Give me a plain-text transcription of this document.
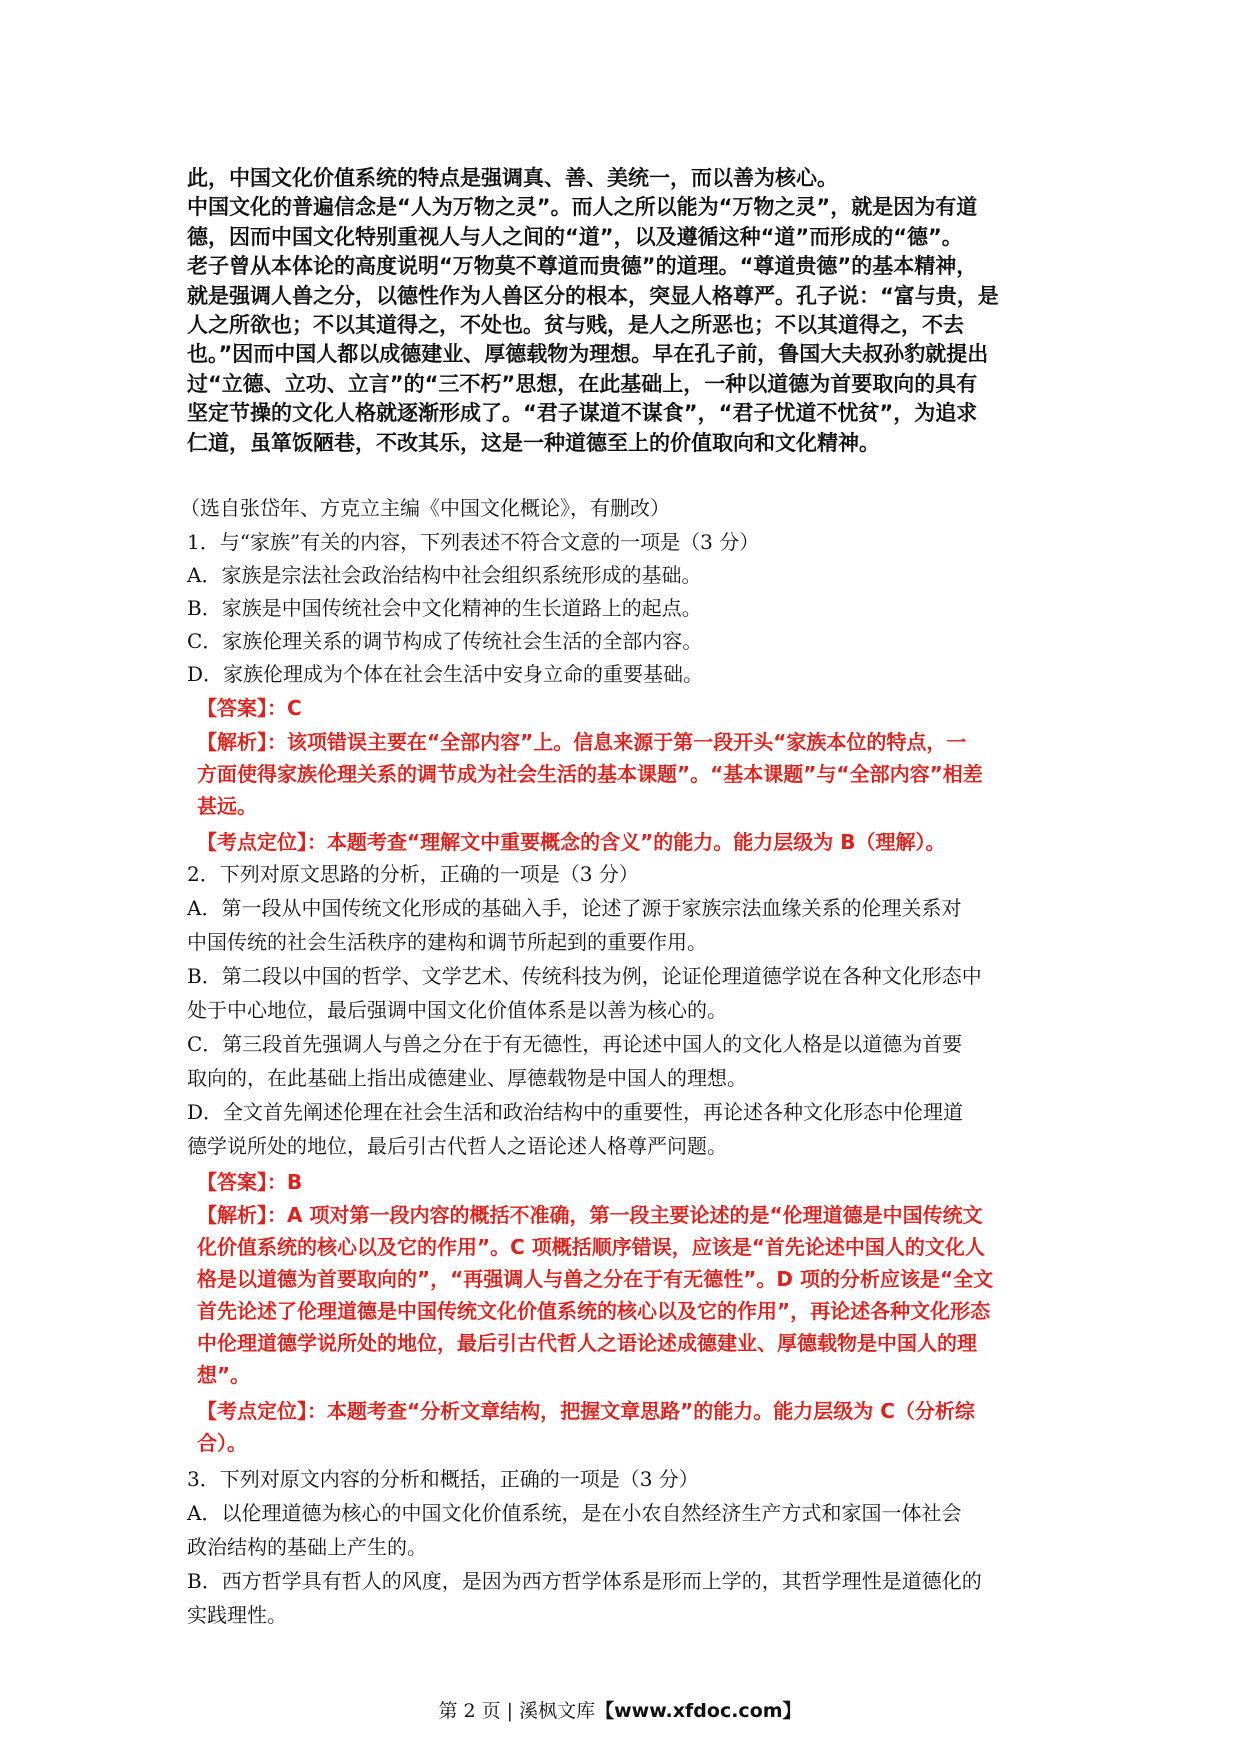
此，中国文化价值系统的特点是强调真、善、美统一，而以善为核心。

中国文化的普遍信念是“人为万物之灵”。而人之所以能为“万物之灵”，就是因为有道

德，因而中国文化特别重视人与人之间的“道”，以及遵循这种“道”而形成的“德”。

老子曾从本体论的高度说明“万物莫不尊道而贵德”的道理。“尊道贵德”的基本精神，

就是强调人兽之分，以德性作为人兽区分的根本，突显人格尊严。孔子说：“富与贵，是

人之所欲也；不以其道得之，不处也。贫与贱，是人之所恶也；不以其道得之，不去

也。”因而中国人都以成德建业、厚德载物为理想。早在孔子前，鲁国大夫叔孙豹就提出

过“立德、立功、立言”的“三不朽”思想，在此基础上，一种以道德为首要取向的具有

坚定节操的文化人格就逐渐形成了。“君子谋道不谋食”，“君子忧道不忧贫”，为追求

仁道，虽箪饭陋巷，不改其乐，这是一种道德至上的价值取向和文化精神。

（选自张岱年、方克立主编《中国文化概论》，有删改）
1．与“家族”有关的内容，下列表述不符合文意的一项是（3 分）
A．家族是宗法社会政治结构中社会组织系统形成的基础。
B．家族是中国传统社会中文化精神的生长道路上的起点。
C．家族伦理关系的调节构成了传统社会生活的全部内容。
D．家族伦理成为个体在社会生活中安身立命的重要基础。
【答案】：C
【解析】：该项错误主要在“全部内容”上。信息来源于第一段开头“家族本位的特点，一
方面使得家族伦理关系的调节成为社会生活的基本课题”。“基本课题”与“全部内容”相差
甚远。
【考点定位】：本题考查“理解文中重要概念的含义”的能力。能力层级为 B（理解）。
2．下列对原文思路的分析，正确的一项是（3 分）
A．第一段从中国传统文化形成的基础入手，论述了源于家族宗法血缘关系的伦理关系对
中国传统的社会生活秩序的建构和调节所起到的重要作用。
B．第二段以中国的哲学、文学艺术、传统科技为例，论证伦理道德学说在各种文化形态中
处于中心地位，最后强调中国文化价值体系是以善为核心的。
C．第三段首先强调人与兽之分在于有无德性，再论述中国人的文化人格是以道德为首要
取向的，在此基础上指出成德建业、厚德载物是中国人的理想。
D．全文首先阐述伦理在社会生活和政治结构中的重要性，再论述各种文化形态中伦理道
德学说所处的地位，最后引古代哲人之语论述人格尊严问题。
【答案】：B
【解析】：A 项对第一段内容的概括不准确，第一段主要论述的是“伦理道德是中国传统文
化价值系统的核心以及它的作用”。C 项概括顺序错误，应该是“首先论述中国人的文化人
格是以道德为首要取向的”，“再强调人与兽之分在于有无德性”。D 项的分析应该是“全文
首先论述了伦理道德是中国传统文化价值系统的核心以及它的作用”，再论述各种文化形态
中伦理道德学说所处的地位，最后引古代哲人之语论述成德建业、厚德载物是中国人的理
想”。
【考点定位】：本题考查“分析文章结构，把握文章思路”的能力。能力层级为 C（分析综
合）。
3．下列对原文内容的分析和概括，正确的一项是（3 分）
A．以伦理道德为核心的中国文化价值系统，是在小农自然经济生产方式和家国一体社会
政治结构的基础上产生的。
B．西方哲学具有哲人的风度，是因为西方哲学体系是形而上学的，其哲学理性是道德化的
实践理性。
第 2 页 | 溪枫文库【www.xfdoc.com】
